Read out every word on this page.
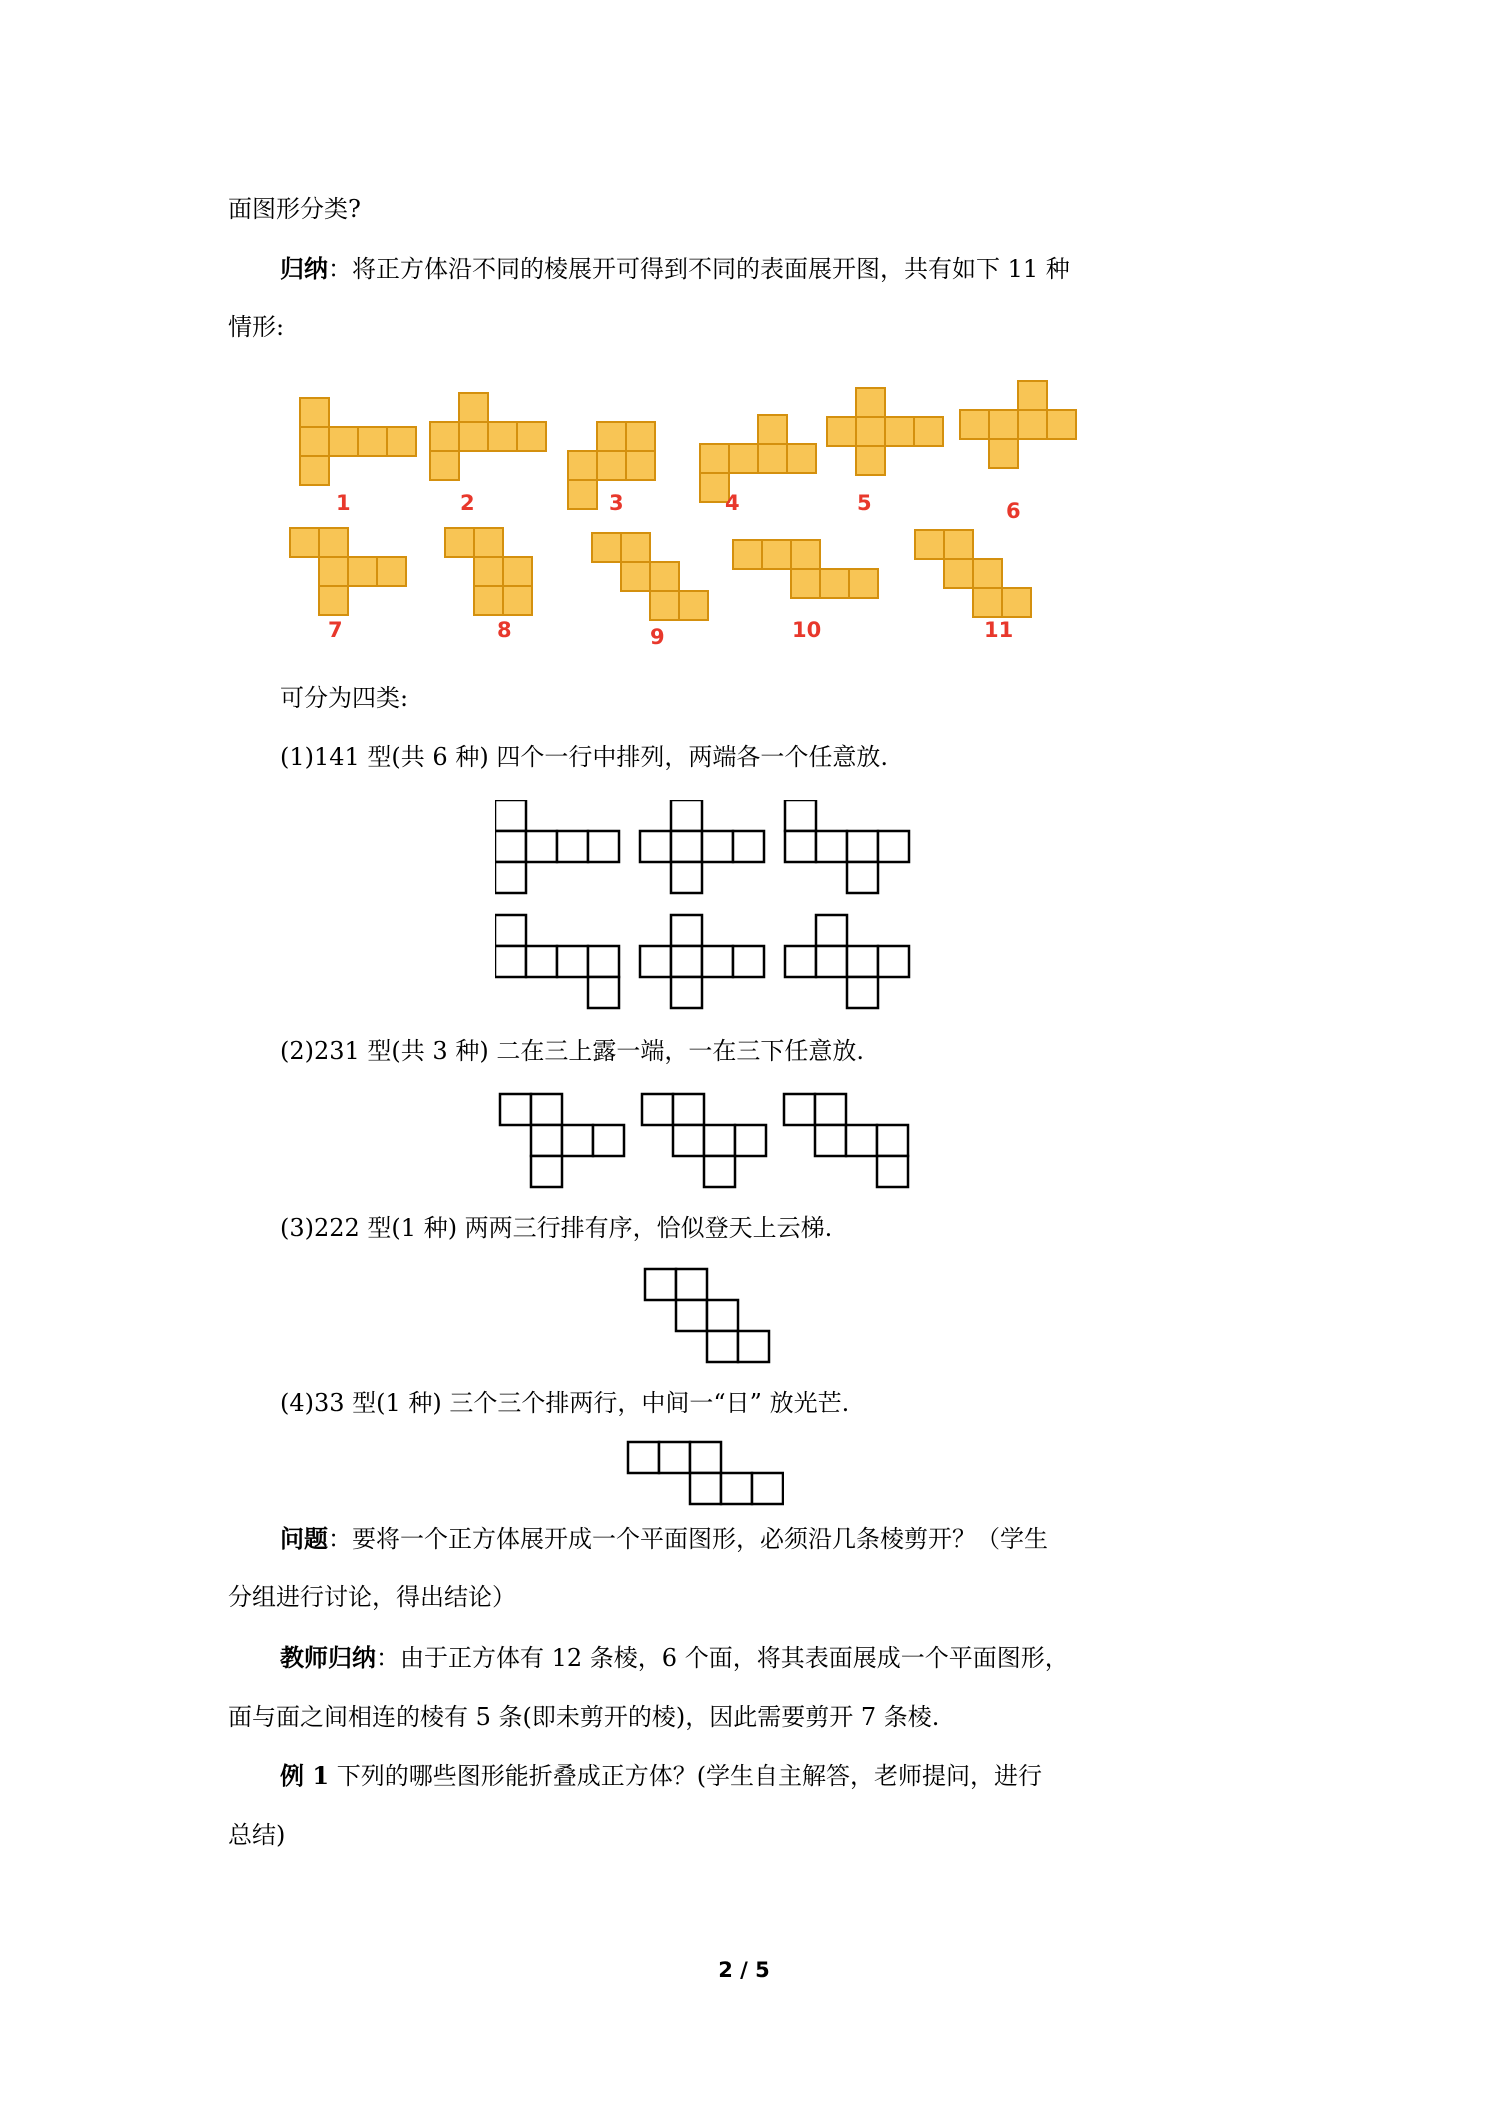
面图形分类?
归纳：将正方体沿不同的棱展开可得到不同的表面展开图，共有如下 11 种
情形:
1	2	3	4	5	6
7	8	9	10	11
可分为四类:
(1)141 型(共 6 种) 四个一行中排列，两端各一个任意放.
(2)231 型(共 3 种) 二在三上露一端，一在三下任意放.
(3)222 型(1 种) 两两三行排有序，恰似登天上云梯.
(4)33 型(1 种) 三个三个排两行，中间一“日” 放光芒.
问题：要将一个正方体展开成一个平面图形，必须沿几条棱剪开？（学生
分组进行讨论，得出结论）
教师归纳：由于正方体有 12 条棱，6 个面，将其表面展成一个平面图形，
面与面之间相连的棱有 5 条(即未剪开的棱)，因此需要剪开 7 条棱.
例 1 下列的哪些图形能折叠成正方体？(学生自主解答，老师提问，进行
总结)
2 / 5
